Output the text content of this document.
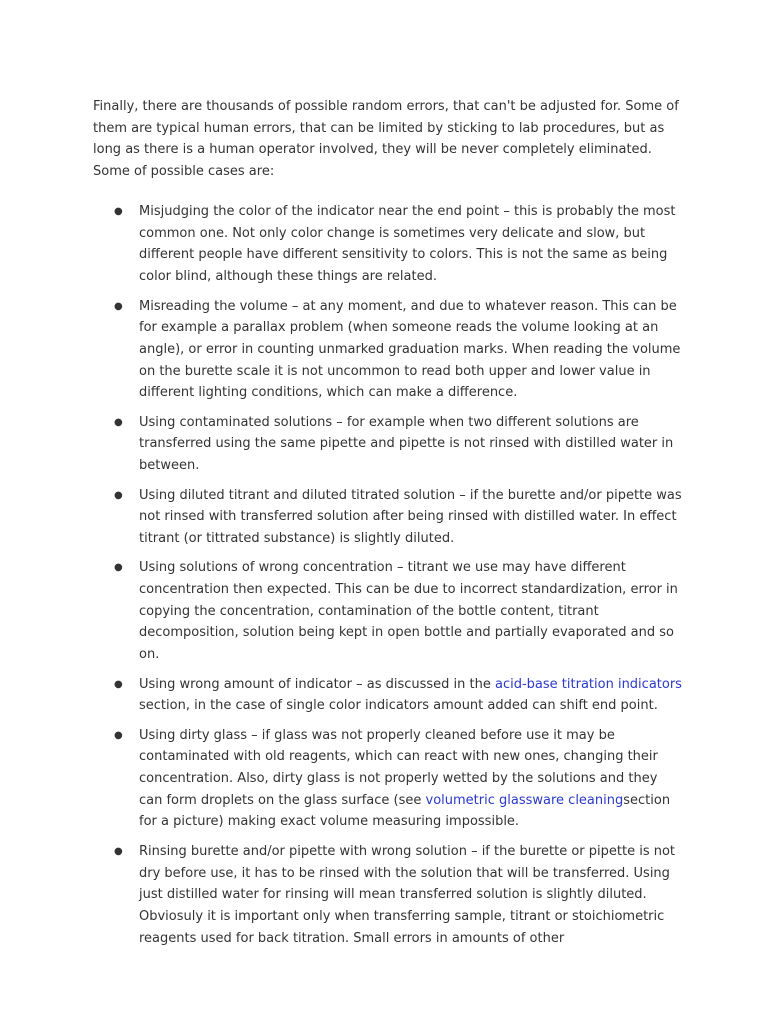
Finally, there are thousands of possible random errors, that can't be adjusted for. Some of them are typical human errors, that can be limited by sticking to lab procedures, but as long as there is a human operator involved, they will be never completely eliminated. Some of possible cases are:

● Misjudging the color of the indicator near the end point – this is probably the most common one. Not only color change is sometimes very delicate and slow, but different people have different sensitivity to colors. This is not the same as being color blind, although these things are related.
● Misreading the volume – at any moment, and due to whatever reason. This can be for example a parallax problem (when someone reads the volume looking at an angle), or error in counting unmarked graduation marks. When reading the volume on the burette scale it is not uncommon to read both upper and lower value in different lighting conditions, which can make a difference.
● Using contaminated solutions – for example when two different solutions are transferred using the same pipette and pipette is not rinsed with distilled water in between.
● Using diluted titrant and diluted titrated solution – if the burette and/or pipette was not rinsed with transferred solution after being rinsed with distilled water. In effect titrant (or tittrated substance) is slightly diluted.
● Using solutions of wrong concentration – titrant we use may have different concentration then expected. This can be due to incorrect standardization, error in copying the concentration, contamination of the bottle content, titrant decomposition, solution being kept in open bottle and partially evaporated and so on.
● Using wrong amount of indicator – as discussed in the acid-base titration indicators section, in the case of single color indicators amount added can shift end point.
● Using dirty glass – if glass was not properly cleaned before use it may be contaminated with old reagents, which can react with new ones, changing their concentration. Also, dirty glass is not properly wetted by the solutions and they can form droplets on the glass surface (see volumetric glassware cleaningsection for a picture) making exact volume measuring impossible.
● Rinsing burette and/or pipette with wrong solution – if the burette or pipette is not dry before use, it has to be rinsed with the solution that will be transferred. Using just distilled water for rinsing will mean transferred solution is slightly diluted. Obviosuly it is important only when transferring sample, titrant or stoichiometric reagents used for back titration. Small errors in amounts of other
